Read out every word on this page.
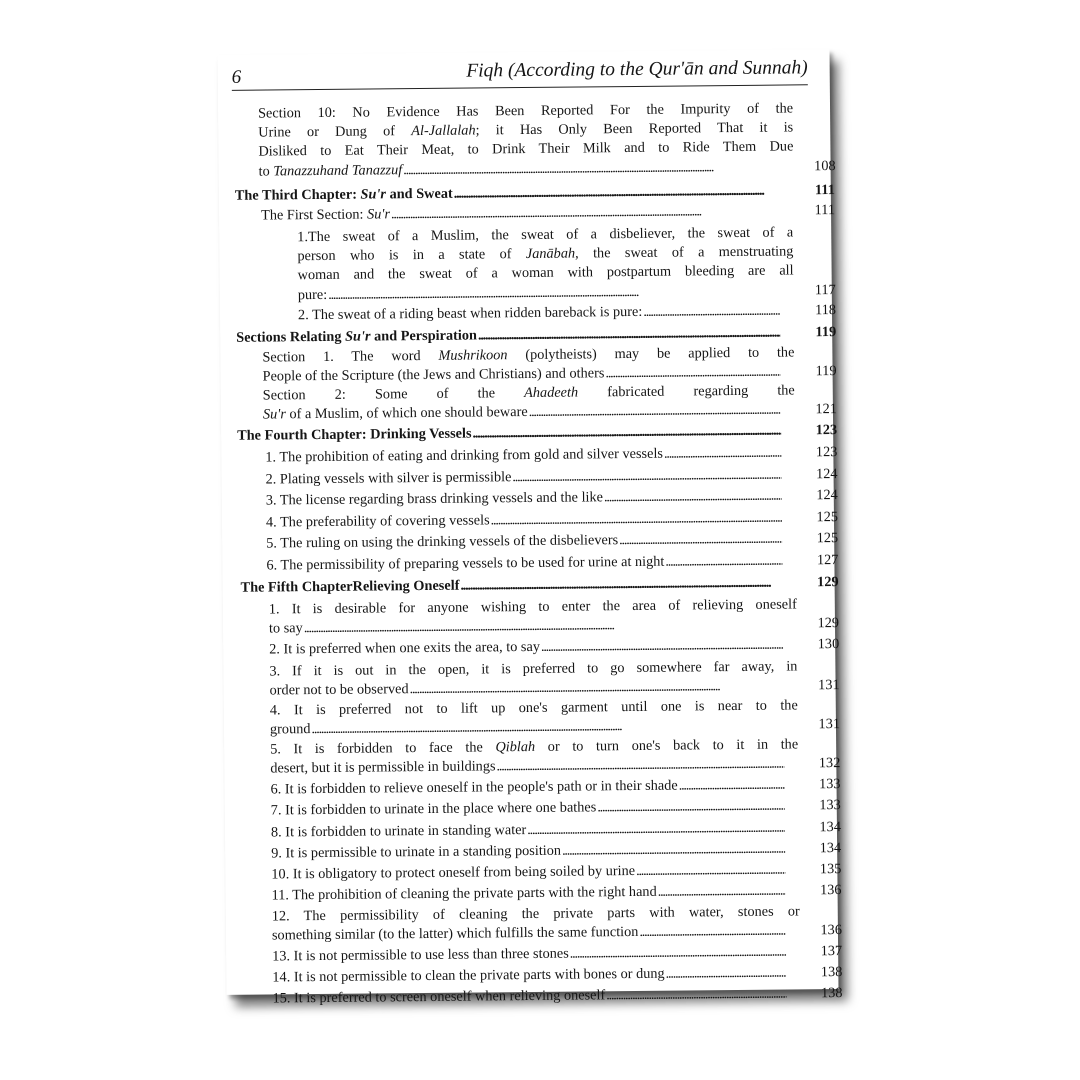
6	Fiqh (According to the Qur'ān and Sunnah)
Section 10: No Evidence Has Been Reported For the Impurity of the
Urine or Dung of Al-Jallalah; it Has Only Been Reported That it is
Disliked to Eat Their Meat, to Drink Their Milk and to Ride Them Due
to Tanazzuhand Tanazzuf . . .	108
The Third Chapter: Su'r and Sweat . . .	111
The First Section: Su'r . . .	111
1.The sweat of a Muslim, the sweat of a disbeliever, the sweat of a
person who is in a state of Janābah, the sweat of a menstruating
woman and the sweat of a woman with postpartum bleeding are all
pure: . . .	117
2. The sweat of a riding beast when ridden bareback is pure: . . .	118
Sections Relating Su'r and Perspiration . . .	119
Section 1. The word Mushrikoon (polytheists) may be applied to the
People of the Scripture (the Jews and Christians) and others . . .	119
Section 2: Some of the Ahadeeth fabricated regarding the
Su'r of a Muslim, of which one should beware . . .	121
The Fourth Chapter: Drinking Vessels . . .	123
1. The prohibition of eating and drinking from gold and silver vessels . . .	123
2. Plating vessels with silver is permissible . . .	124
3. The license regarding brass drinking vessels and the like . . .	124
4. The preferability of covering vessels . . .	125
5. The ruling on using the drinking vessels of the disbelievers . . .	125
6. The permissibility of preparing vessels to be used for urine at night . . .	127
The Fifth ChapterRelieving Oneself . . .	129
1. It is desirable for anyone wishing to enter the area of relieving oneself
to say . . .	129
2. It is preferred when one exits the area, to say . . .	130
3. If it is out in the open, it is preferred to go somewhere far away, in
order not to be observed . . .	131
4. It is preferred not to lift up one's garment until one is near to the
ground . . .	131
5. It is forbidden to face the Qiblah or to turn one's back to it in the
desert, but it is permissible in buildings . . .	132
6. It is forbidden to relieve oneself in the people's path or in their shade . . .	133
7. It is forbidden to urinate in the place where one bathes . . .	133
8. It is forbidden to urinate in standing water . . .	134
9. It is permissible to urinate in a standing position . . .	134
10. It is obligatory to protect oneself from being soiled by urine . . .	135
11. The prohibition of cleaning the private parts with the right hand . . .	136
12. The permissibility of cleaning the private parts with water, stones or
something similar (to the latter) which fulfills the same function . . .	136
13. It is not permissible to use less than three stones . . .	137
14. It is not permissible to clean the private parts with bones or dung . . .	138
15. It is preferred to screen oneself when relieving oneself . . .	138
